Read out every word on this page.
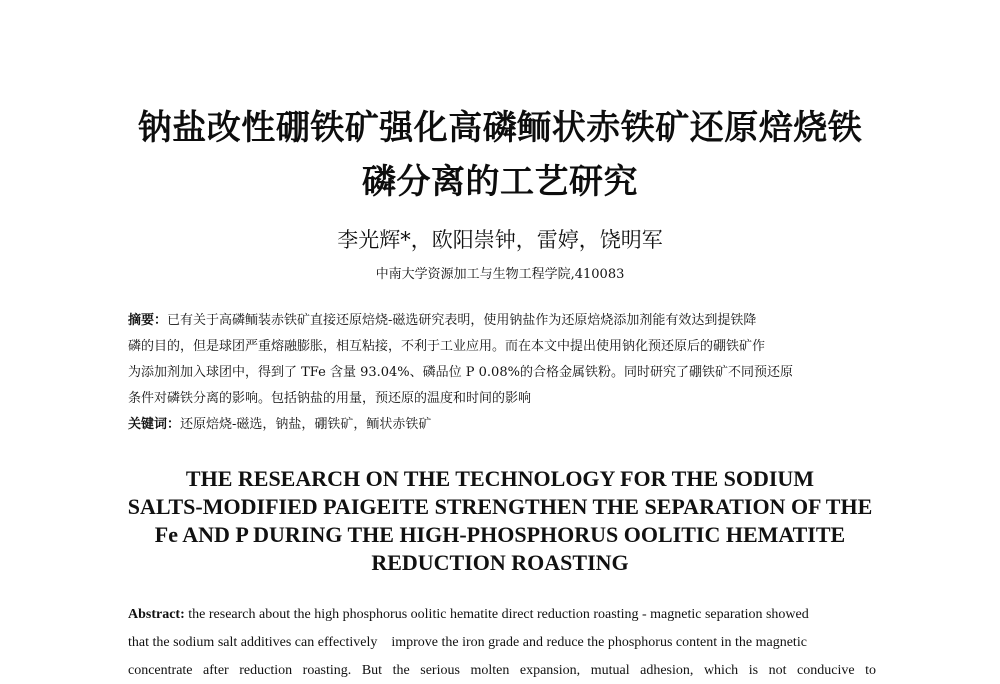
钠盐改性硼铁矿强化高磷鲕状赤铁矿还原焙烧铁
磷分离的工艺研究
李光辉*，欧阳崇钟，雷婷，饶明军
中南大学资源加工与生物工程学院,410083
摘要：已有关于高磷鲕装赤铁矿直接还原焙烧-磁选研究表明，使用钠盐作为还原焙烧添加剂能有效达到提铁降
磷的目的，但是球团严重熔融膨胀，相互粘接，不利于工业应用。而在本文中提出使用钠化预还原后的硼铁矿作
为添加剂加入球团中，得到了 TFe 含量 93.04%、磷品位 P 0.08%的合格金属铁粉。同时研究了硼铁矿不同预还原
条件对磷铁分离的影响。包括钠盐的用量，预还原的温度和时间的影响
关键词：还原焙烧-磁选，钠盐，硼铁矿，鲕状赤铁矿
THE RESEARCH ON THE TECHNOLOGY FOR THE SODIUM
SALTS-MODIFIED PAIGEITE STRENGTHEN THE SEPARATION OF THE
Fe AND P DURING THE HIGH-PHOSPHORUS OOLITIC HEMATITE
REDUCTION ROASTING
Abstract: the research about the high phosphorus oolitic hematite direct reduction roasting - magnetic separation showed
that the sodium salt additives can effectively    improve the iron grade and reduce the phosphorus content in the magnetic
concentrate after reduction roasting. But the serious molten expansion, mutual adhesion, which is not conducive to
